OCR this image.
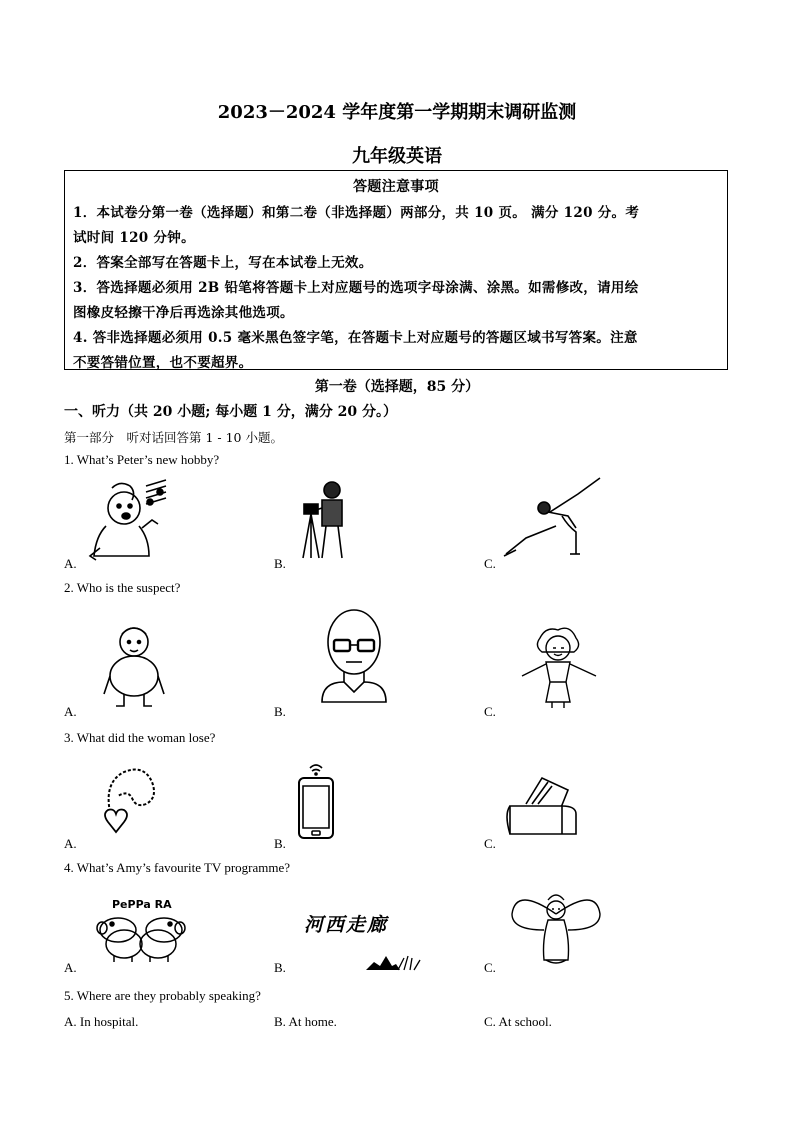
2023－2024 学年度第一学期期末调研监测
九年级英语
答题注意事项
1．本试卷分第一卷（选择题）和第二卷（非选择题）两部分，共 10 页。 满分 120 分。考
试时间 120 分钟。
2．答案全部写在答题卡上，写在本试卷上无效。
3．答选择题必须用 2B 铅笔将答题卡上对应题号的选项字母涂满、涂黑。如需修改，请用绘
图橡皮轻擦干净后再选涂其他选项。
4. 答非选择题必须用 0.5 毫米黑色签字笔，在答题卡上对应题号的答题区域书写答案。注意
不要答错位置，也不要超界。
第一卷（选择题，85 分）
一、听力（共 20 小题; 每小题 1 分，满分 20 分。）
第一部分　听对话回答第 1 - 10 小题。
1. What’s Peter’s new hobby?
A.	B.	C.
2. Who is the suspect?
A.	B.	C.
3. What did the woman lose?
A.	B.	C.
4. What’s Amy’s favourite TV programme?
PePPa RA
A.
河西走廊
B.	C.
5. Where are they probably speaking?
A. In hospital.	B. At home.	C. At school.
